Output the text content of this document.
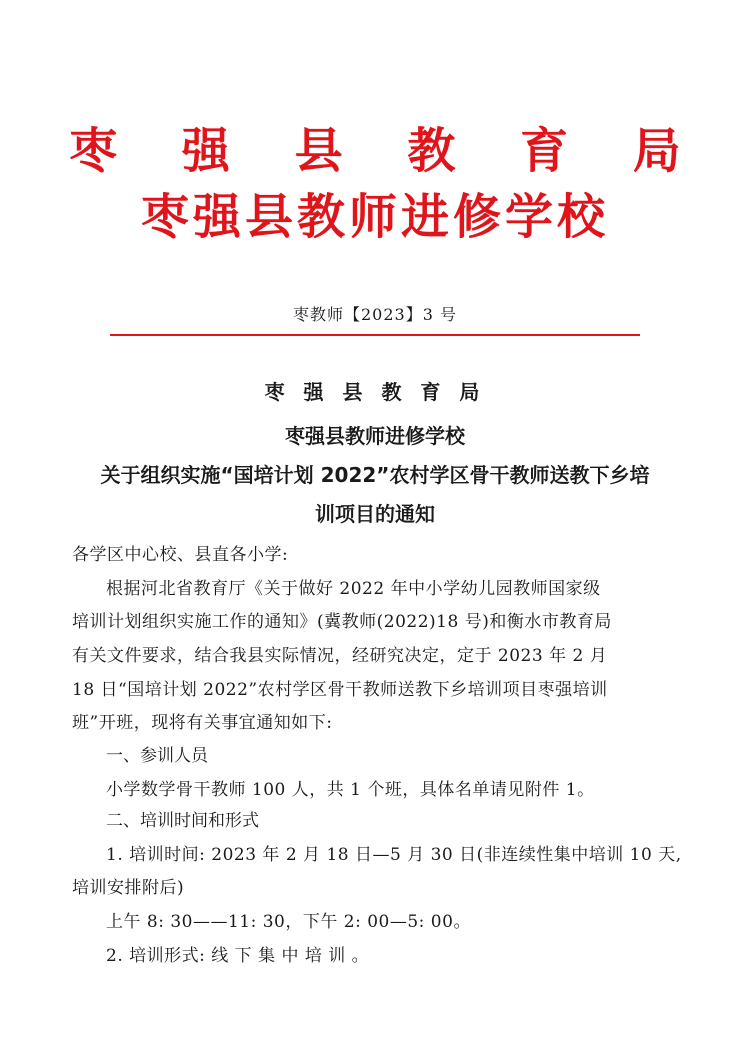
枣 强 县 教 育 局
枣强县教师进修学校
枣教师【2023】3 号
枣 强 县 教 育 局
枣强县教师进修学校
关于组织实施“国培计划 2022”农村学区骨干教师送教下乡培
训项目的通知
各学区中心校、县直各小学:
根据河北省教育厅《关于做好 2022 年中小学幼儿园教师国家级
培训计划组织实施工作的通知》(冀教师(2022)18 号)和衡水市教育局
有关文件要求，结合我县实际情况，经研究决定，定于 2023 年 2 月
18 日“国培计划 2022”农村学区骨干教师送教下乡培训项目枣强培训
班”开班，现将有关事宜通知如下:
一、参训人员
小学数学骨干教师 100 人，共 1 个班，具体名单请见附件 1。
二、培训时间和形式
1. 培训时间: 2023 年 2 月 18 日—5 月 30 日(非连续性集中培训 10 天,
培训安排附后)
上午 8: 30——11: 30，下午 2: 00—5: 00。
2. 培训形式: 线 下 集 中 培 训 。
